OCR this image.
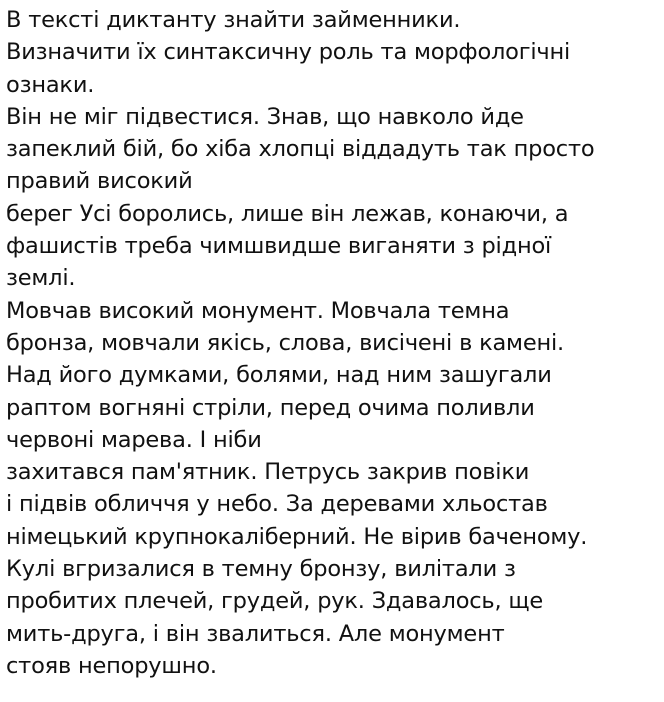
В тексті диктанту знайти займенники.
Визначити їх синтаксичну роль та морфологічні
ознаки.
Він не міг підвестися. Знав, що навколо йде
запеклий бій, бо хіба хлопці віддадуть так просто
правий високий
берег Усі боролись, лише він лежав, конаючи, а
фашистів треба чимшвидше виганяти з рідної
землі.
Мовчав високий монумент. Мовчала темна
бронза, мовчали якісь, слова, висічені в камені.
Над його думками, болями, над ним зашугали
раптом вогняні стріли, перед очима поливли
червоні марева. І ніби
захитався пам'ятник. Петрусь закрив повіки
і підвів обличчя у небо. За деревами хльостав
німецький крупнокаліберний. Не вірив баченому.
Кулі вгризалися в темну бронзу, вилітали з
пробитих плечей, грудей, рук. Здавалось, ще
мить-друга, і він звалиться. Але монумент
стояв непорушно.
